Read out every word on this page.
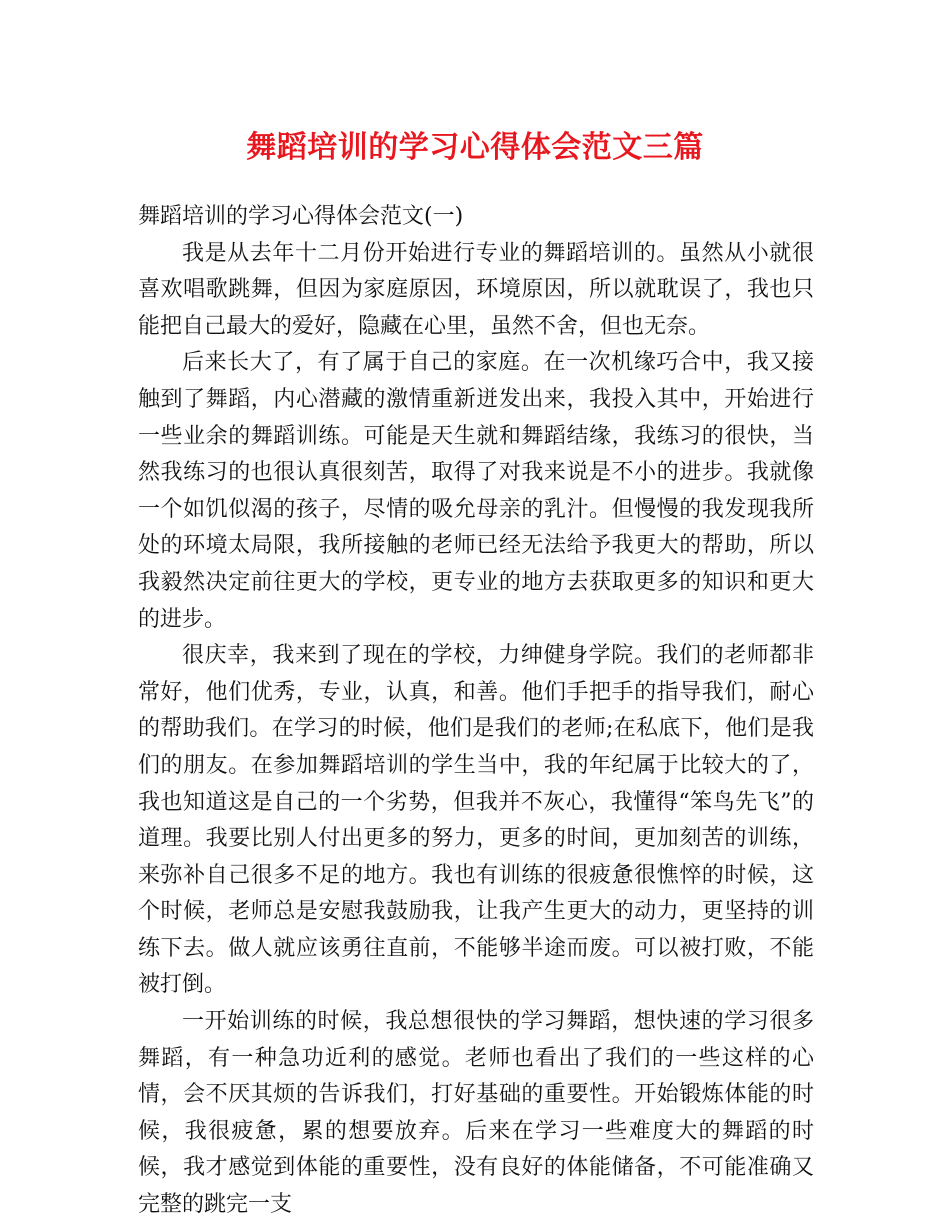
舞蹈培训的学习心得体会范文三篇

舞蹈培训的学习心得体会范文(一)

我是从去年十二月份开始进行专业的舞蹈培训的。虽然从小就很喜欢唱歌跳舞，但因为家庭原因，环境原因，所以就耽误了，我也只能把自己最大的爱好，隐藏在心里，虽然不舍，但也无奈。

后来长大了，有了属于自己的家庭。在一次机缘巧合中，我又接触到了舞蹈，内心潜藏的激情重新迸发出来，我投入其中，开始进行一些业余的舞蹈训练。可能是天生就和舞蹈结缘，我练习的很快，当然我练习的也很认真很刻苦，取得了对我来说是不小的进步。我就像一个如饥似渴的孩子，尽情的吸允母亲的乳汁。但慢慢的我发现我所处的环境太局限，我所接触的老师已经无法给予我更大的帮助，所以我毅然决定前往更大的学校，更专业的地方去获取更多的知识和更大的进步。

很庆幸，我来到了现在的学校，力绅健身学院。我们的老师都非常好，他们优秀，专业，认真，和善。他们手把手的指导我们，耐心的帮助我们。在学习的时候，他们是我们的老师;在私底下，他们是我们的朋友。在参加舞蹈培训的学生当中，我的年纪属于比较大的了，我也知道这是自己的一个劣势，但我并不灰心，我懂得“笨鸟先飞”的道理。我要比别人付出更多的努力，更多的时间，更加刻苦的训练，来弥补自己很多不足的地方。我也有训练的很疲惫很憔悴的时候，这个时候，老师总是安慰我鼓励我，让我产生更大的动力，更坚持的训练下去。做人就应该勇往直前，不能够半途而废。可以被打败，不能被打倒。

一开始训练的时候，我总想很快的学习舞蹈，想快速的学习很多舞蹈，有一种急功近利的感觉。老师也看出了我们的一些这样的心情，会不厌其烦的告诉我们，打好基础的重要性。开始锻炼体能的时候，我很疲惫，累的想要放弃。后来在学习一些难度大的舞蹈的时候，我才感觉到体能的重要性，没有良好的体能储备，不可能准确又完整的跳完一支
